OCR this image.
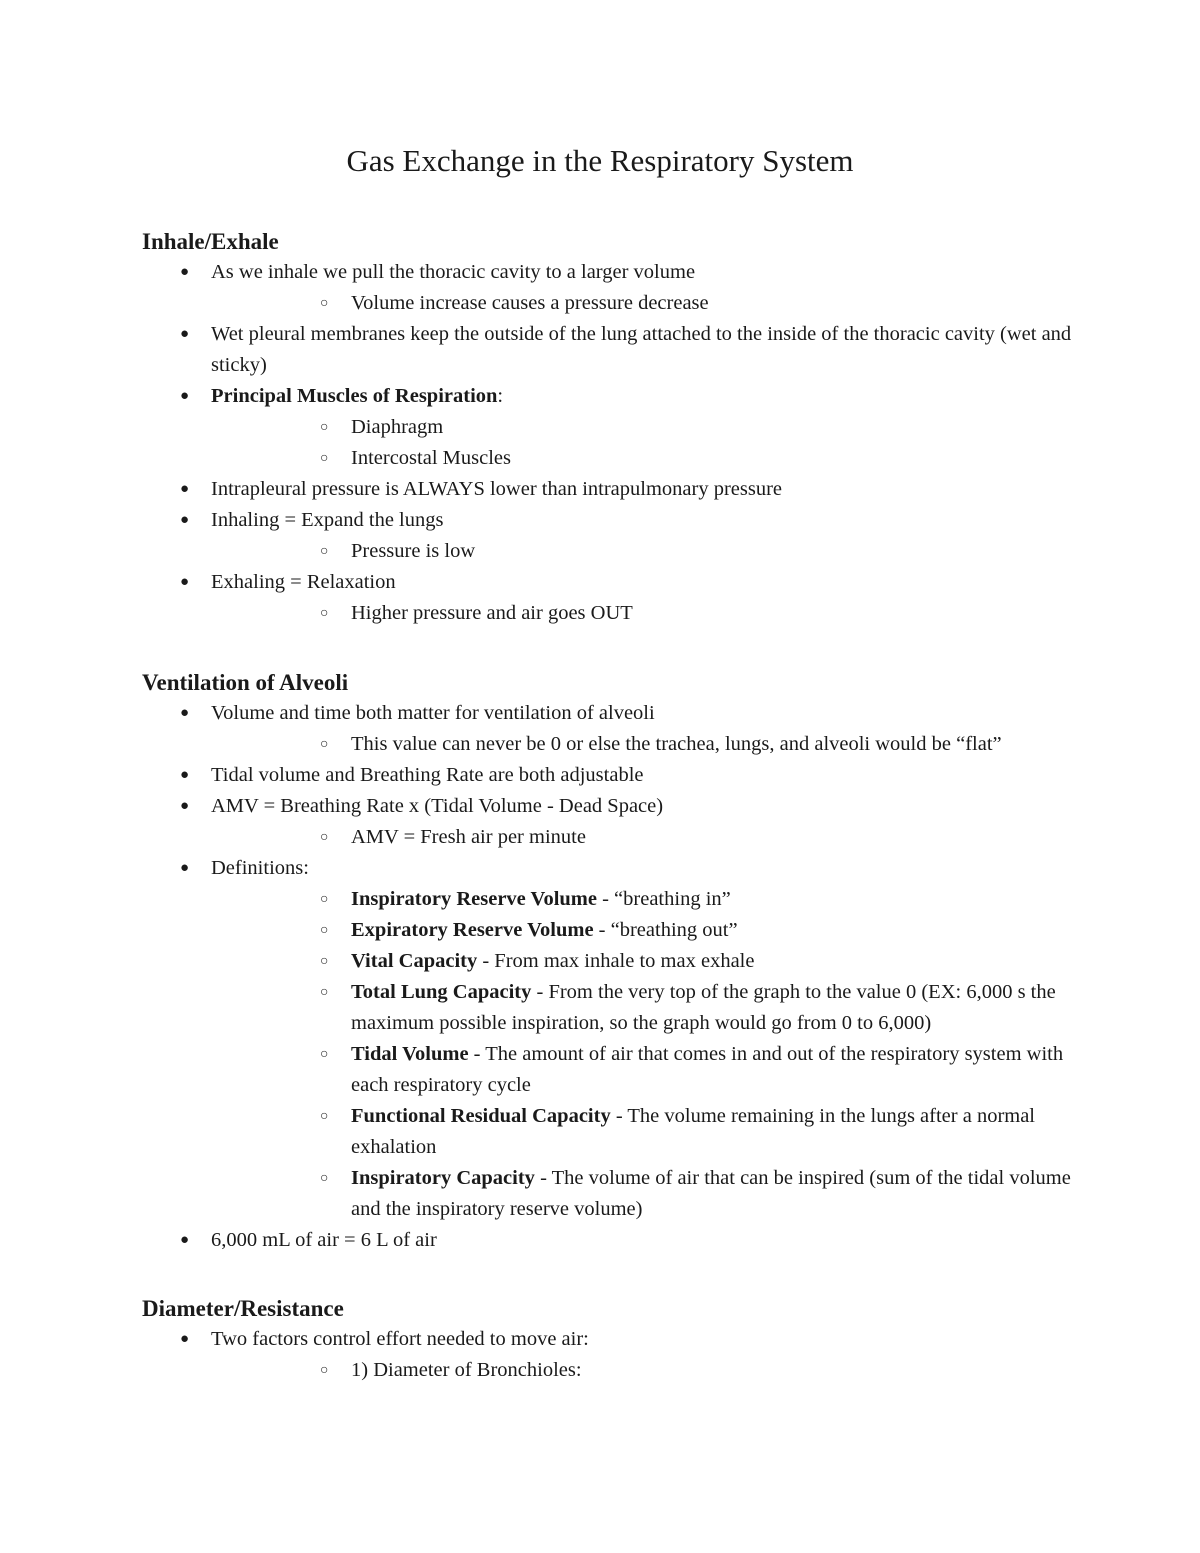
Gas Exchange in the Respiratory System
Inhale/Exhale
● As we inhale we pull the thoracic cavity to a larger volume
○ Volume increase causes a pressure decrease
● Wet pleural membranes keep the outside of the lung attached to the inside of the thoracic cavity (wet and sticky)
● Principal Muscles of Respiration:
○ Diaphragm
○ Intercostal Muscles
● Intrapleural pressure is ALWAYS lower than intrapulmonary pressure
● Inhaling = Expand the lungs
○ Pressure is low
● Exhaling = Relaxation
○ Higher pressure and air goes OUT
Ventilation of Alveoli
● Volume and time both matter for ventilation of alveoli
○ This value can never be 0 or else the trachea, lungs, and alveoli would be “flat”
● Tidal volume and Breathing Rate are both adjustable
● AMV = Breathing Rate x (Tidal Volume - Dead Space)
○ AMV = Fresh air per minute
● Definitions:
○ Inspiratory Reserve Volume - “breathing in”
○ Expiratory Reserve Volume - “breathing out”
○ Vital Capacity - From max inhale to max exhale
○ Total Lung Capacity - From the very top of the graph to the value 0 (EX: 6,000 s the maximum possible inspiration, so the graph would go from 0 to 6,000)
○ Tidal Volume - The amount of air that comes in and out of the respiratory system with each respiratory cycle
○ Functional Residual Capacity - The volume remaining in the lungs after a normal exhalation
○ Inspiratory Capacity - The volume of air that can be inspired (sum of the tidal volume and the inspiratory reserve volume)
● 6,000 mL of air = 6 L of air
Diameter/Resistance
● Two factors control effort needed to move air:
○ 1) Diameter of Bronchioles:
